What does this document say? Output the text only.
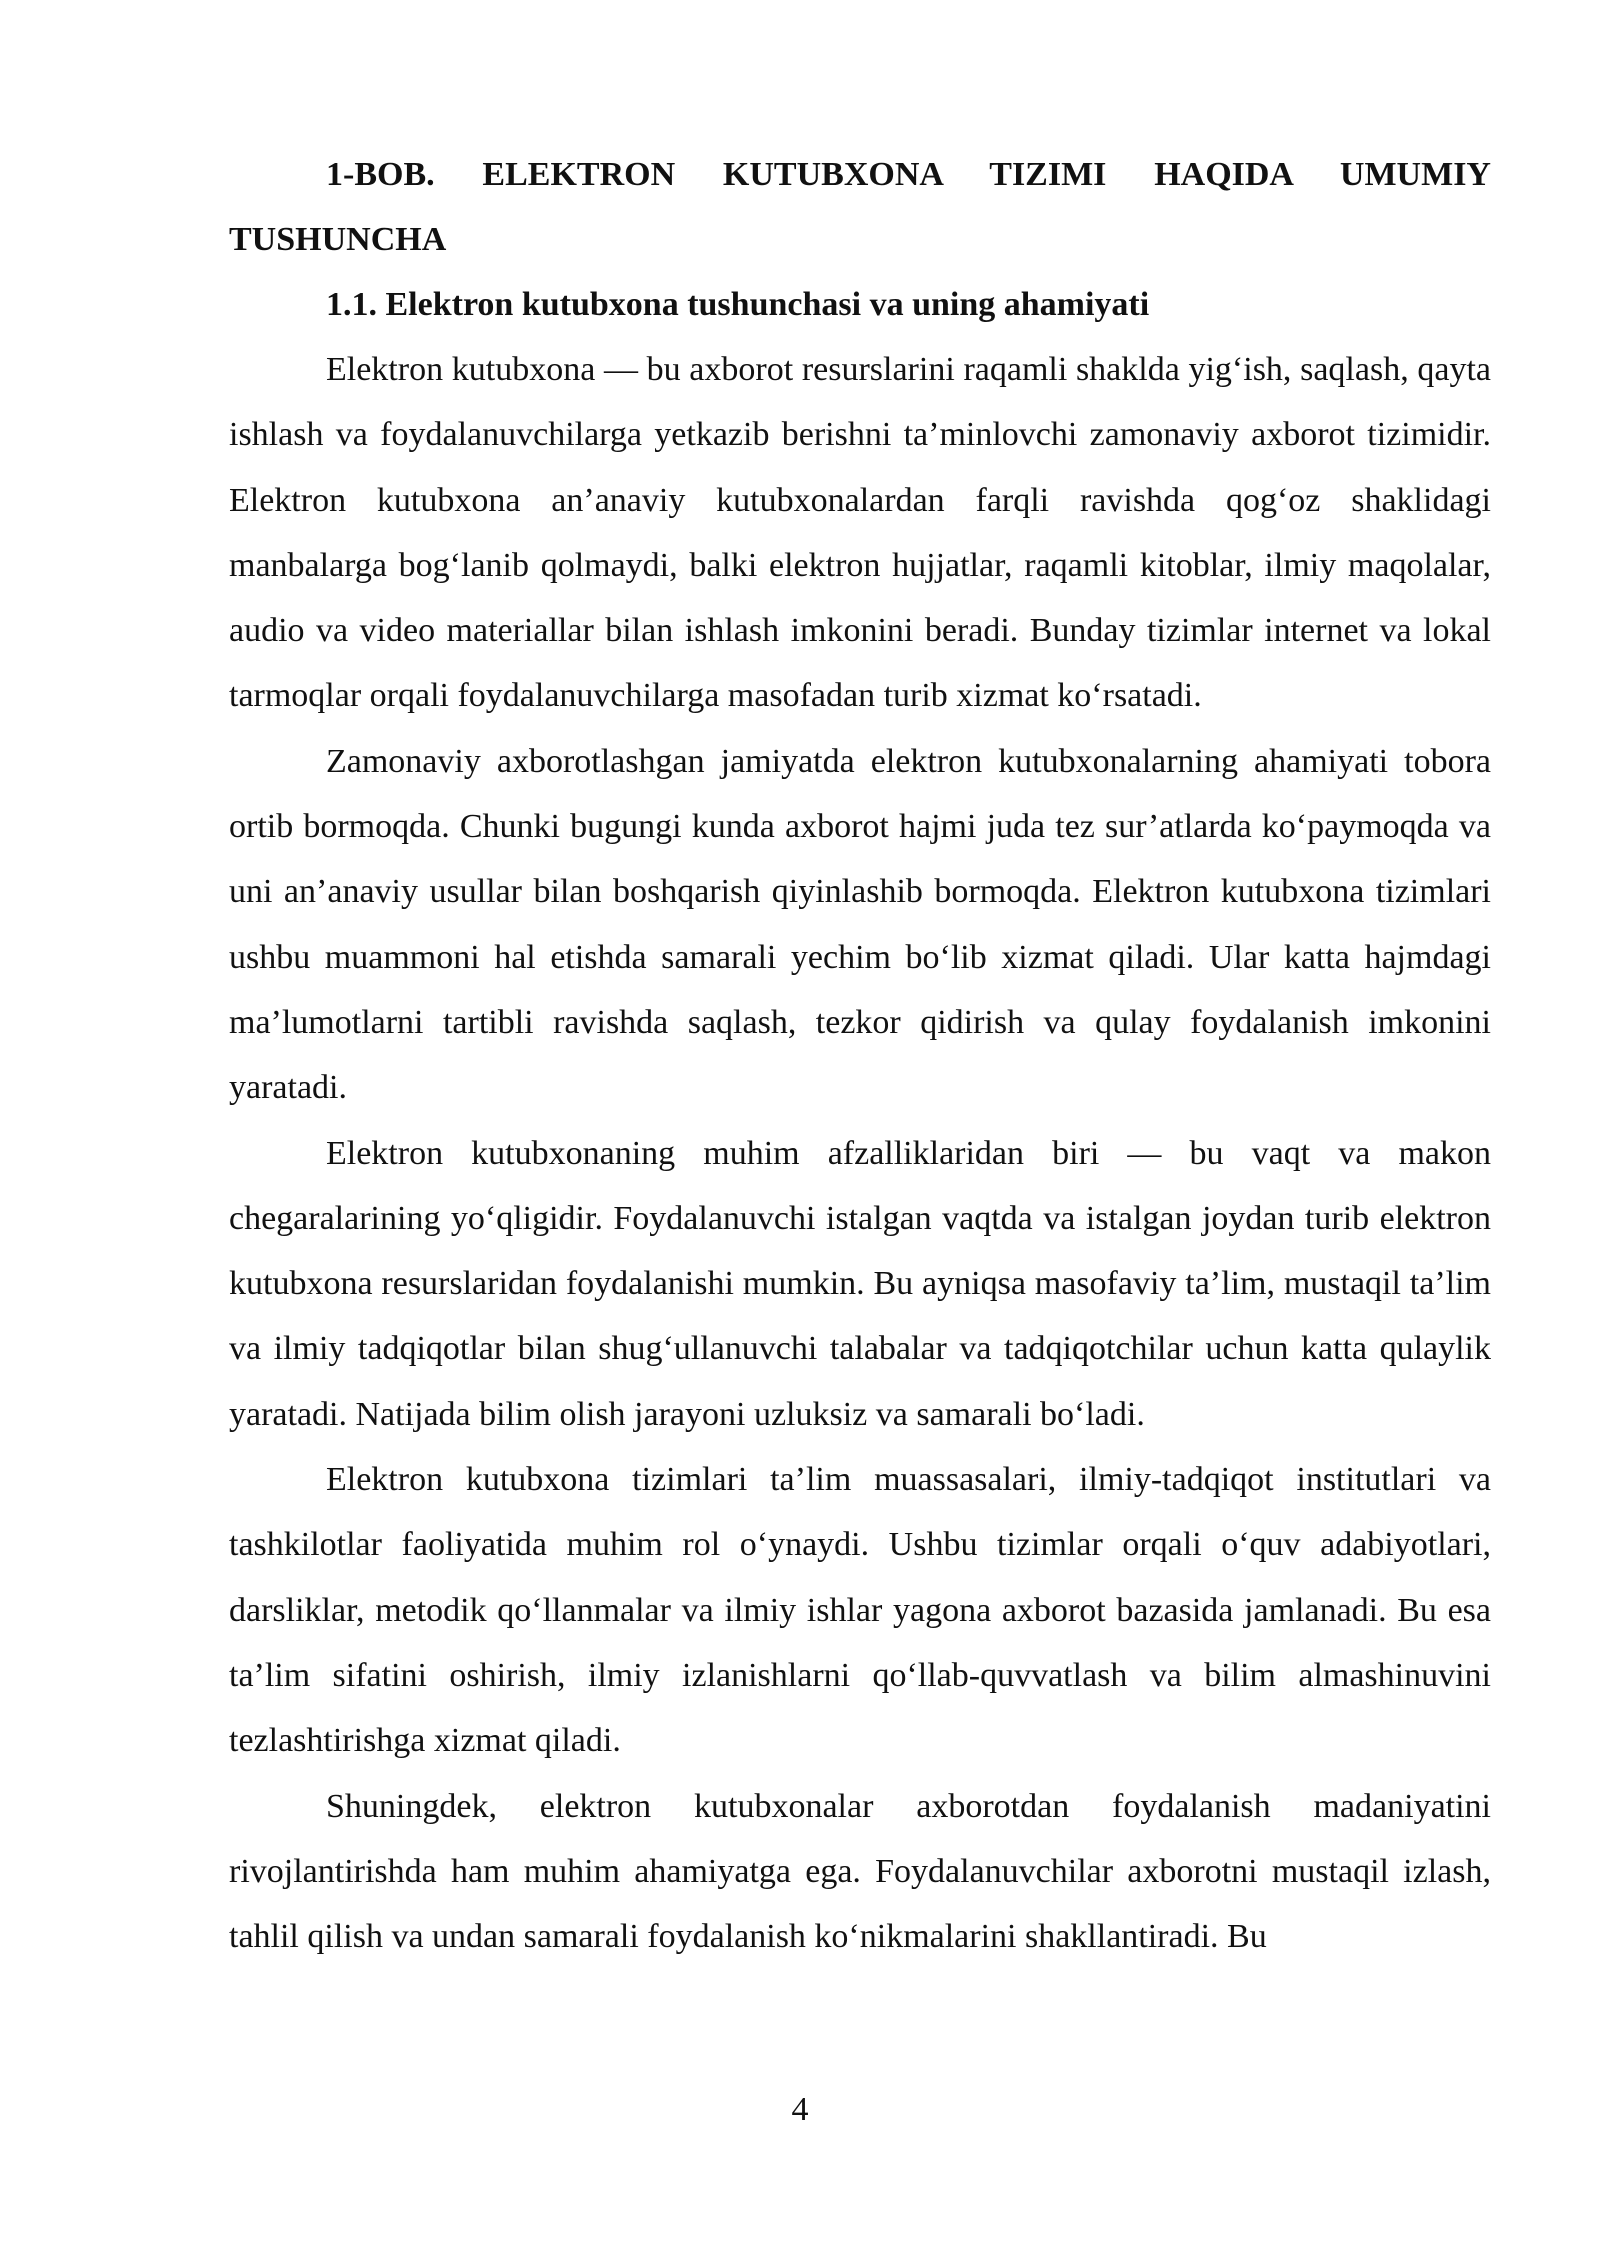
1-BOB. ELEKTRON KUTUBXONA TIZIMI HAQIDA UMUMIY TUSHUNCHA
1.1. Elektron kutubxona tushunchasi va uning ahamiyati

Elektron kutubxona — bu axborot resurslarini raqamli shaklda yig‘ish, saqlash, qayta ishlash va foydalanuvchilarga yetkazib berishni ta’minlovchi zamonaviy axborot tizimidir. Elektron kutubxona an’anaviy kutubxonalardan farqli ravishda qog‘oz shaklidagi manbalarga bog‘lanib qolmaydi, balki elektron hujjatlar, raqamli kitoblar, ilmiy maqolalar, audio va video materiallar bilan ishlash imkonini beradi. Bunday tizimlar internet va lokal tarmoqlar orqali foydalanuvchilarga masofadan turib xizmat ko‘rsatadi.

Zamonaviy axborotlashgan jamiyatda elektron kutubxonalarning ahamiyati tobora ortib bormoqda. Chunki bugungi kunda axborot hajmi juda tez sur’atlarda ko‘paymoqda va uni an’anaviy usullar bilan boshqarish qiyinlashib bormoqda. Elektron kutubxona tizimlari ushbu muammoni hal etishda samarali yechim bo‘lib xizmat qiladi. Ular katta hajmdagi ma’lumotlarni tartibli ravishda saqlash, tezkor qidirish va qulay foydalanish imkonini yaratadi.

Elektron kutubxonaning muhim afzalliklaridan biri — bu vaqt va makon chegaralarining yo‘qligidir. Foydalanuvchi istalgan vaqtda va istalgan joydan turib elektron kutubxona resurslaridan foydalanishi mumkin. Bu ayniqsa masofaviy ta’lim, mustaqil ta’lim va ilmiy tadqiqotlar bilan shug‘ullanuvchi talabalar va tadqiqotchilar uchun katta qulaylik yaratadi. Natijada bilim olish jarayoni uzluksiz va samarali bo‘ladi.

Elektron kutubxona tizimlari ta’lim muassasalari, ilmiy-tadqiqot institutlari va tashkilotlar faoliyatida muhim rol o‘ynaydi. Ushbu tizimlar orqali o‘quv adabiyotlari, darsliklar, metodik qo‘llanmalar va ilmiy ishlar yagona axborot bazasida jamlanadi. Bu esa ta’lim sifatini oshirish, ilmiy izlanishlarni qo‘llab-quvvatlash va bilim almashinuvini tezlashtirishga xizmat qiladi.

Shuningdek, elektron kutubxonalar axborotdan foydalanish madaniyatini rivojlantirishda ham muhim ahamiyatga ega. Foydalanuvchilar axborotni mustaqil izlash, tahlil qilish va undan samarali foydalanish ko‘nikmalarini shakllantiradi. Bu

4
